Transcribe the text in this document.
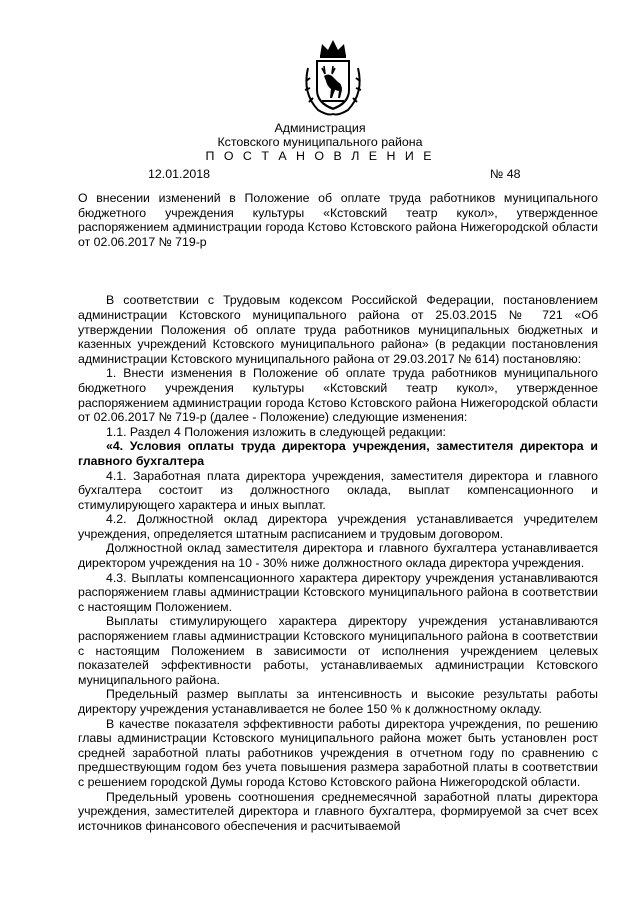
Администрация
Кстовского муниципального района
П О С Т А Н О В Л Е Н И Е
12.01.2018	№ 48

О внесении изменений в Положение об оплате труда работников муниципального бюджетного учреждения культуры «Кстовский театр кукол», утвержденное распоряжением администрации города Кстово Кстовского района Нижегородской области от 02.06.2017 № 719-р

В соответствии с Трудовым кодексом Российской Федерации, постановлением администрации Кстовского муниципального района от 25.03.2015 № 721 «Об утверждении Положения об оплате труда работников муниципальных бюджетных и казенных учреждений Кстовского муниципального района» (в редакции постановления администрации Кстовского муниципального района от 29.03.2017 № 614) постановляю:

1. Внести изменения в Положение об оплате труда работников муниципального бюджетного учреждения культуры «Кстовский театр кукол», утвержденное распоряжением администрации города Кстово Кстовского района Нижегородской области от 02.06.2017 № 719-р (далее - Положение) следующие изменения:

1.1. Раздел 4 Положения изложить в следующей редакции:

«4. Условия оплаты труда директора учреждения, заместителя директора и главного бухгалтера

4.1. Заработная плата директора учреждения, заместителя директора и главного бухгалтера состоит из должностного оклада, выплат компенсационного и стимулирующего характера и иных выплат.

4.2. Должностной оклад директора учреждения устанавливается учредителем учреждения, определяется штатным расписанием и трудовым договором.

Должностной оклад заместителя директора и главного бухгалтера устанавливается директором учреждения на 10 - 30% ниже должностного оклада директора учреждения.

4.3. Выплаты компенсационного характера директору учреждения устанавливаются распоряжением главы администрации Кстовского муниципального района в соответствии с настоящим Положением.

Выплаты стимулирующего характера директору учреждения устанавливаются распоряжением главы администрации Кстовского муниципального района в соответствии с настоящим Положением в зависимости от исполнения учреждением целевых показателей эффективности работы, устанавливаемых администрации Кстовского муниципального района.

Предельный размер выплаты за интенсивность и высокие результаты работы директору учреждения устанавливается не более 150 % к должностному окладу.

В качестве показателя эффективности работы директора учреждения, по решению главы администрации Кстовского муниципального района может быть установлен рост средней заработной платы работников учреждения в отчетном году по сравнению с предшествующим годом без учета повышения размера заработной платы в соответствии с решением городской Думы города Кстово Кстовского района Нижегородской области.

Предельный уровень соотношения среднемесячной заработной платы директора учреждения, заместителей директора и главного бухгалтера, формируемой за счет всех источников финансового обеспечения и расчитываемой
